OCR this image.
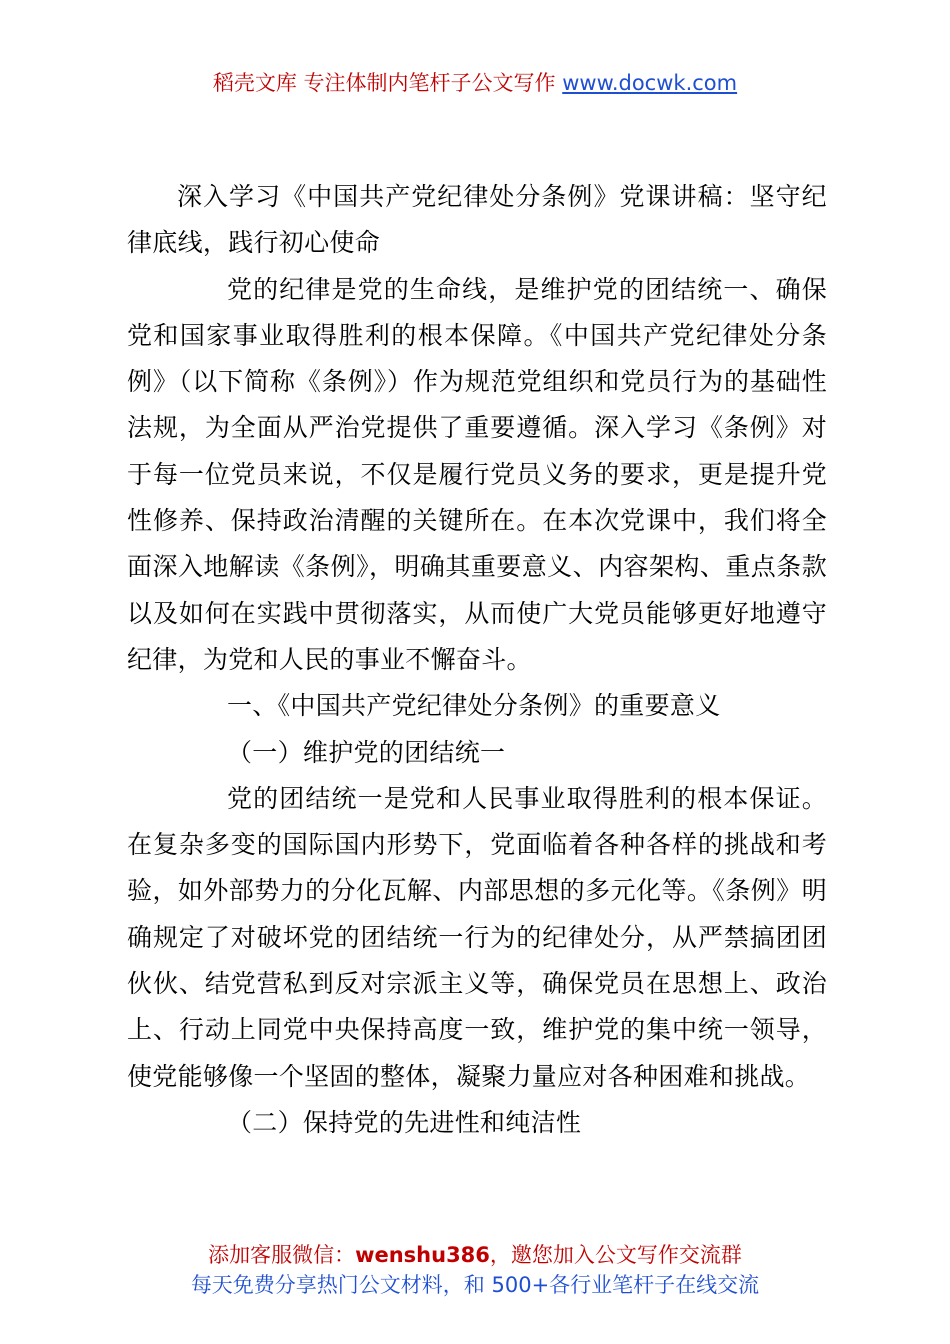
稻壳文库 专注体制内笔杆子公文写作 www.docwk.com

深入学习《中国共产党纪律处分条例》党课讲稿：坚守纪律底线，践行初心使命

党的纪律是党的生命线，是维护党的团结统一、确保党和国家事业取得胜利的根本保障。《中国共产党纪律处分条例》（以下简称《条例》）作为规范党组织和党员行为的基础性法规，为全面从严治党提供了重要遵循。深入学习《条例》对于每一位党员来说，不仅是履行党员义务的要求，更是提升党性修养、保持政治清醒的关键所在。在本次党课中，我们将全面深入地解读《条例》，明确其重要意义、内容架构、重点条款以及如何在实践中贯彻落实，从而使广大党员能够更好地遵守纪律，为党和人民的事业不懈奋斗。

一、《中国共产党纪律处分条例》的重要意义

（一）维护党的团结统一

党的团结统一是党和人民事业取得胜利的根本保证。在复杂多变的国际国内形势下，党面临着各种各样的挑战和考验，如外部势力的分化瓦解、内部思想的多元化等。《条例》明确规定了对破坏党的团结统一行为的纪律处分，从严禁搞团团伙伙、结党营私到反对宗派主义等，确保党员在思想上、政治上、行动上同党中央保持高度一致，维护党的集中统一领导，使党能够像一个坚固的整体，凝聚力量应对各种困难和挑战。

（二）保持党的先进性和纯洁性

添加客服微信：wenshu386，邀您加入公文写作交流群
每天免费分享热门公文材料，和 500+各行业笔杆子在线交流
